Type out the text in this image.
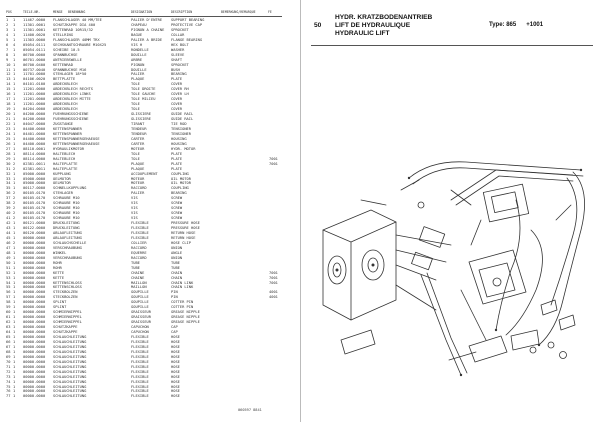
POS	TEILE-NR.	MENGE BENENNUNG	DESIGNATION	DESCRIPTION	BEMERKUNG/REMARQUE	FE
1	1	11467.0000	FLANSCHLAGER 40 MM/TEE	PALIER D'ENTRE	SUPPORT BEARING		
2	1	11301.0001	SCHUTZKAPPE DIA 400	CHAPEAU	PROTECTIVE CAP		
3	1	11301.0001	KETTENRAD 10R15/32	PIGNON A CHAINE	SPROCKET		
4	1	11400.0020	STELLRING	BAGUE	COLLAR		
5	1	11303.0000	FLANSCHLAGER 40MM TRX	PALIER A BRIDE	FLANGE BEARING		
6	4	05054.0111	SECHSKANTSCHRAUBE M10X25	VIS H	HEX BOLT		
7	1	05054.0111	SCHEIBE 10.5	RONDELLE	WASHER		
8	1	06700.0000	SPANNBUCHSE	DOUILLE	SLEEVE		
9	1	06701.0000	ANTRIEBSWELLE	ARBRE	SHAFT		
10	1	06700.0400	KETTENRAD	PIGNON	SPROCKET		
11	1	00737.0040	SPANNBUCHSE M16	DOUILLE	BUSH		
12	1	11701.0000	STEHLAGER 18*50	PALIER	BEARING		
13	1	04106.0020	BETTPLATTE	PLAQUE	PLATE		
14	1	04101.0100	ABDECKBLECH	TOLE	COVER		
15	1	11201.0000	ABDECKBLECH RECHTS	TOLE DROITE	COVER RH		
16	1	11201.0000	ABDECKBLECH LINKS	TOLE GAUCHE	COVER LH		
17	1	11201.0000	ABDECKBLECH MITTE	TOLE MILIEU	COVER		
18	1	11201.0000	ABDECKBLECH	TOLE	COVER		
19	1	04204.0000	ABDECKBLECH	TOLE	COVER		
20	1	04200.0000	FUEHRUNGSSCHIENE	GLISSIERE	GUIDE RAIL		
21	1	04200.0000	FUEHRUNGSSCHIENE	GLISSIERE	GUIDE RAIL		
22	1	04047.0000	ZUGSTANGE	TIRANT	TIE ROD		
23	1	04400.0000	KETTENSPANNER	TENDEUR	TENSIONER		
24	1	04401.0000	KETTENSPANNER	TENDEUR	TENSIONER		
25	1	04400.0000	KETTENSPANNERGEHAEUSE	CARTER	HOUSING		
26	1	04400.0000	KETTENSPANNERGEHAEUSE	CARTER	HOUSING		
27	1	08110.0001	HYDRAULIKMOTOR	MOTEUR	HYDR. MOTOR		
28	1	08114.0000	HALTEBLECH	TOLE	PLATE		
29	1	08114.0000	HALTEBLECH	TOLE	PLATE		7001
30	2	02381.0011	HALTEPLATTE	PLAQUE	PLATE		7001
31	2	02381.0011	HALTEPLATTE	PLAQUE	PLATE		
32	1	05000.0000	KUPPLUNG	ACCOUPLEMENT	COUPLING		
33	1	05000.0000	OELMOTOR	MOTEUR	OIL MOTOR		
34	1	05000.0000	OELMOTOR	MOTEUR	OIL MOTOR		
35	1	00117.0000	SCHNELLKUPPLUNG	RACCORD	COUPLING		
36	2	00105.0170	STEHLAGER	PALIER	BEARING		
37	2	00105.0170	SCHRAUBE M10	VIS	SCREW		
38	2	00105.0170	SCHRAUBE M10	VIS	SCREW		
39	2	00105.0170	SCHRAUBE M10	VIS	SCREW		
40	2	00105.0170	SCHRAUBE M10	VIS	SCREW		
41	2	00105.0170	SCHRAUBE M10	VIS	SCREW		
42	1	00121.0000	DRUCKLEITUNG	FLEXIBLE	PRESSURE HOSE		
43	1	00122.0000	DRUCKLEITUNG	FLEXIBLE	PRESSURE HOSE		
44	1	00120.0000	ABLAUFLEITUNG	FLEXIBLE	RETURN HOSE		
45	1	00000.0000	ABLAUFLEITUNG	FLEXIBLE	RETURN HOSE		
46	2	00000.0000	SCHLAUCHSCHELLE	COLLIER	HOSE CLIP		
47	1	00000.0000	VERSCHRAUBUNG	RACCORD	UNION		
48	1	00000.0000	WINKEL	EQUERRE	ANGLE		
49	1	00000.0000	VERSCHRAUBUNG	RACCORD	UNION		
50	1	00000.0000	ROHR	TUBE	TUBE		
51	1	00000.0000	ROHR	TUBE	TUBE		
52	1	00000.0000	KETTE	CHAINE	CHAIN		7001
53	1	00000.0000	KETTE	CHAINE	CHAIN		7001
54	1	00000.0000	KETTENSCHLOSS	MAILLON	CHAIN LINK		7001
55	1	00000.0000	KETTENSCHLOSS	MAILLON	CHAIN LINK		
56	1	00000.0000	STECKBOLZEN	GOUPILLE	PIN		4001
57	1	00000.0000	STECKBOLZEN	GOUPILLE	PIN		4001
58	1	00000.0000	SPLINT	GOUPILLE	COTTER PIN		
59	1	00000.0000	SPLINT	GOUPILLE	COTTER PIN		
60	1	00000.0000	SCHMIERNIPPEL	GRAISSEUR	GREASE NIPPLE		
61	1	00000.0000	SCHMIERNIPPEL	GRAISSEUR	GREASE NIPPLE		
62	1	00000.0000	SCHMIERNIPPEL	GRAISSEUR	GREASE NIPPLE		
63	1	00000.0000	SCHUTZKAPPE	CAPUCHON	CAP		
64	1	00000.0000	SCHUTZKAPPE	CAPUCHON	CAP		
65	1	00000.0000	SCHLAUCHLEITUNG	FLEXIBLE	HOSE		
66	1	00000.0000	SCHLAUCHLEITUNG	FLEXIBLE	HOSE		
67	1	00000.0000	SCHLAUCHLEITUNG	FLEXIBLE	HOSE		
68	1	00000.0000	SCHLAUCHLEITUNG	FLEXIBLE	HOSE		
69	1	00000.0000	SCHLAUCHLEITUNG	FLEXIBLE	HOSE		
70	1	00000.0000	SCHLAUCHLEITUNG	FLEXIBLE	HOSE		
71	1	00000.0000	SCHLAUCHLEITUNG	FLEXIBLE	HOSE		
72	1	00000.0000	SCHLAUCHLEITUNG	FLEXIBLE	HOSE		
73	1	00000.0000	SCHLAUCHLEITUNG	FLEXIBLE	HOSE		
74	1	00000.0000	SCHLAUCHLEITUNG	FLEXIBLE	HOSE		
75	1	00000.0000	SCHLAUCHLEITUNG	FLEXIBLE	HOSE		
76	1	00000.0000	SCHLAUCHLEITUNG	FLEXIBLE	HOSE		
77	1	00000.0000	SCHLAUCHLEITUNG	FLEXIBLE	HOSE		
060597 8841
HYDR. KRATZBODENANTRIEB
LIFT DE HYDRAULIQUE
HYDRAULIC LIFT
50	Type: 865 +1001
